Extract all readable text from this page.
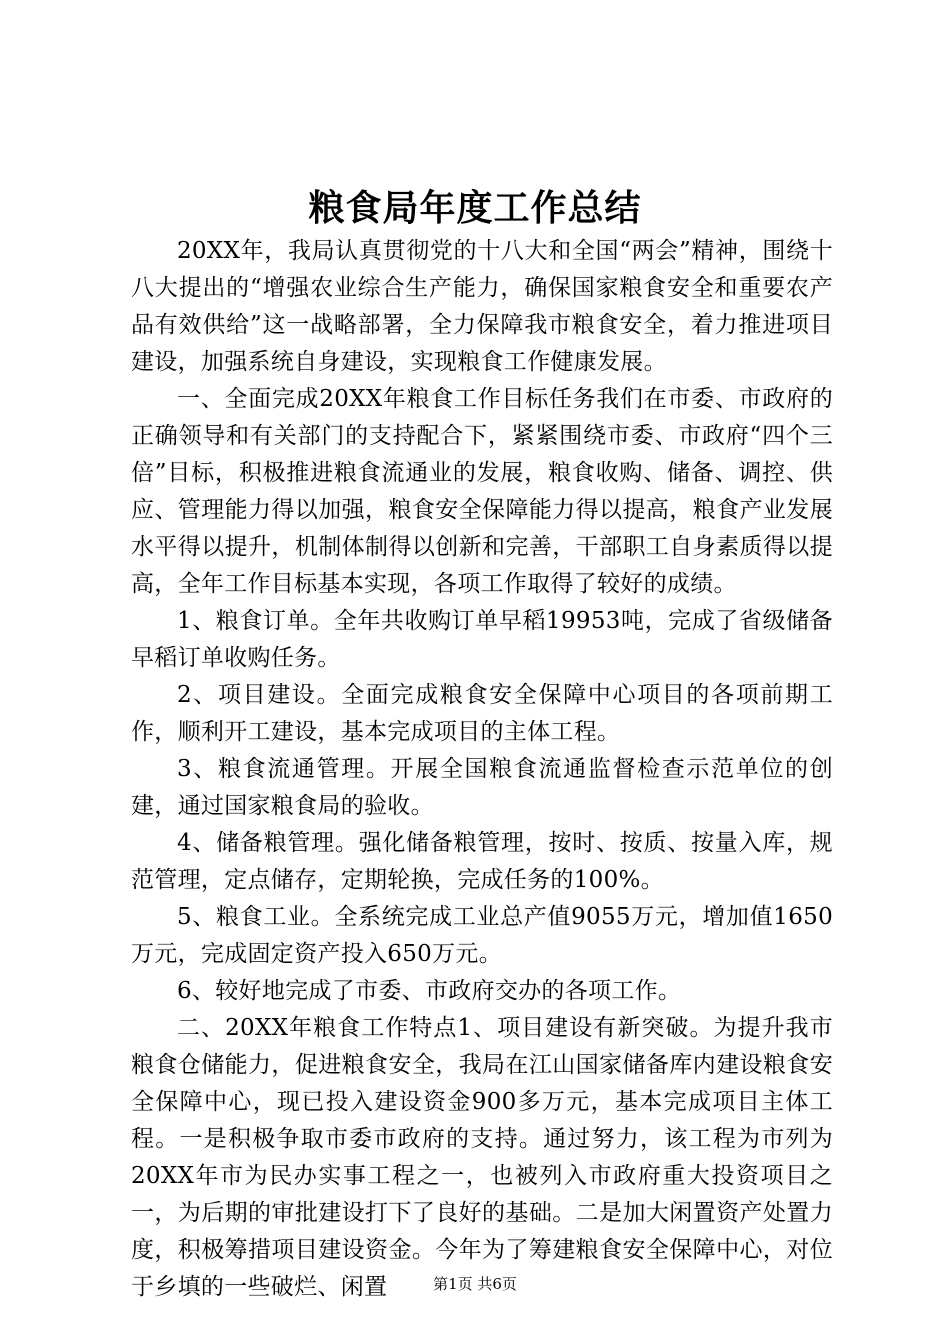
粮食局年度工作总结

20XX年，我局认真贯彻党的十八大和全国“两会”精神，围绕十八大提出的“增强农业综合生产能力，确保国家粮食安全和重要农产品有效供给”这一战略部署，全力保障我市粮食安全，着力推进项目建设，加强系统自身建设，实现粮食工作健康发展。

一、全面完成20XX年粮食工作目标任务我们在市委、市政府的正确领导和有关部门的支持配合下，紧紧围绕市委、市政府“四个三倍”目标，积极推进粮食流通业的发展，粮食收购、储备、调控、供应、管理能力得以加强，粮食安全保障能力得以提高，粮食产业发展水平得以提升，机制体制得以创新和完善，干部职工自身素质得以提高，全年工作目标基本实现，各项工作取得了较好的成绩。

1、粮食订单。全年共收购订单早稻19953吨，完成了省级储备早稻订单收购任务。

2、项目建设。全面完成粮食安全保障中心项目的各项前期工作，顺利开工建设，基本完成项目的主体工程。

3、粮食流通管理。开展全国粮食流通监督检查示范单位的创建，通过国家粮食局的验收。

4、储备粮管理。强化储备粮管理，按时、按质、按量入库，规范管理，定点储存，定期轮换，完成任务的100%。

5、粮食工业。全系统完成工业总产值9055万元，增加值1650万元，完成固定资产投入650万元。

6、较好地完成了市委、市政府交办的各项工作。

二、20XX年粮食工作特点1、项目建设有新突破。为提升我市粮食仓储能力，促进粮食安全，我局在江山国家储备库内建设粮食安全保障中心，现已投入建设资金900多万元，基本完成项目主体工程。一是积极争取市委市政府的支持。通过努力，该工程为市列为20XX年市为民办实事工程之一，也被列入市政府重大投资项目之一，为后期的审批建设打下了良好的基础。二是加大闲置资产处置力度，积极筹措项目建设资金。今年为了筹建粮食安全保障中心，对位于乡填的一些破烂、闲置	第1页 共6页
